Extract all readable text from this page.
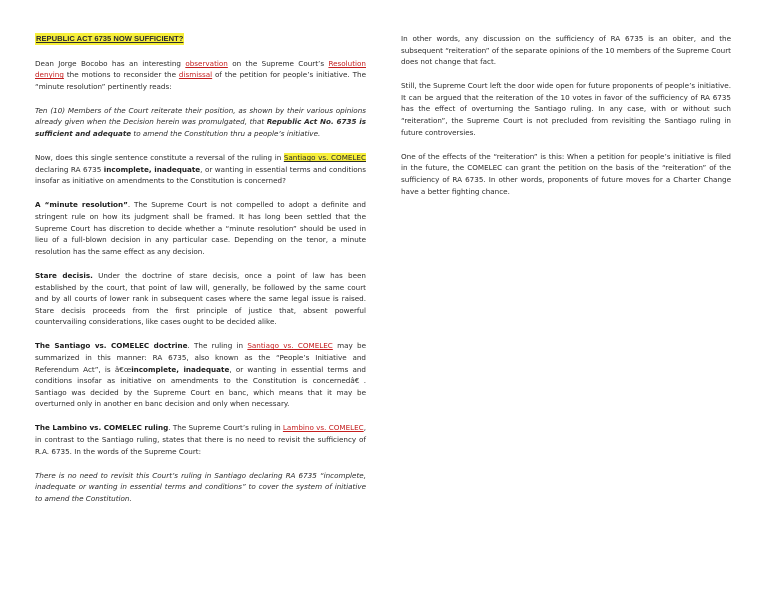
REPUBLIC ACT 6735 NOW SUFFICIENT?

Dean Jorge Bocobo has an interesting observation on the Supreme Court’s Resolution denying the motions to reconsider the dismissal of the petition for people’s initiative. The “minute resolution” pertinently reads:

Ten (10) Members of the Court reiterate their position, as shown by their various opinions already given when the Decision herein was promulgated, that Republic Act No. 6735 is sufficient and adequate to amend the Constitution thru a people’s initiative.

Now, does this single sentence constitute a reversal of the ruling in Santiago vs. COMELEC declaring RA 6735 incomplete, inadequate, or wanting in essential terms and conditions insofar as initiative on amendments to the Constitution is concerned?

A “minute resolution”. The Supreme Court is not compelled to adopt a definite and stringent rule on how its judgment shall be framed. It has long been settled that the Supreme Court has discretion to decide whether a “minute resolution” should be used in lieu of a full-blown decision in any particular case. Depending on the tenor, a minute resolution has the same effect as any decision.

Stare decisis. Under the doctrine of stare decisis, once a point of law has been established by the court, that point of law will, generally, be followed by the same court and by all courts of lower rank in subsequent cases where the same legal issue is raised. Stare decisis proceeds from the first principle of justice that, absent powerful countervailing considerations, like cases ought to be decided alike.

The Santiago vs. COMELEC doctrine. The ruling in Santiago vs. COMELEC may be summarized in this manner: RA 6735, also known as the “People’s Initiative and Referendum Act”, is â€œincomplete, inadequate, or wanting in essential terms and conditions insofar as initiative on amendments to the Constitution is concernedâ€. Santiago was decided by the Supreme Court en banc, which means that it may be overturned only in another en banc decision and only when necessary.

The Lambino vs. COMELEC ruling. The Supreme Court’s ruling in Lambino vs. COMELEC, in contrast to the Santiago ruling, states that there is no need to revisit the sufficiency of R.A. 6735. In the words of the Supreme Court:

There is no need to revisit this Court’s ruling in Santiago declaring RA 6735 “incomplete, inadequate or wanting in essential terms and conditions” to cover the system of initiative to amend the Constitution.

In other words, any discussion on the sufficiency of RA 6735 is an obiter, and the subsequent “reiteration” of the separate opinions of the 10 members of the Supreme Court does not change that fact.

Still, the Supreme Court left the door wide open for future proponents of people’s initiative. It can be argued that the reiteration of the 10 votes in favor of the sufficiency of RA 6735 has the effect of overturning the Santiago ruling. In any case, with or without such “reiteration”, the Supreme Court is not precluded from revisiting the Santiago ruling in future controversies.

One of the effects of the “reiteration” is this: When a petition for people’s initiative is filed in the future, the COMELEC can grant the petition on the basis of the “reiteration” of the sufficiency of RA 6735. In other words, proponents of future moves for a Charter Change have a better fighting chance.
